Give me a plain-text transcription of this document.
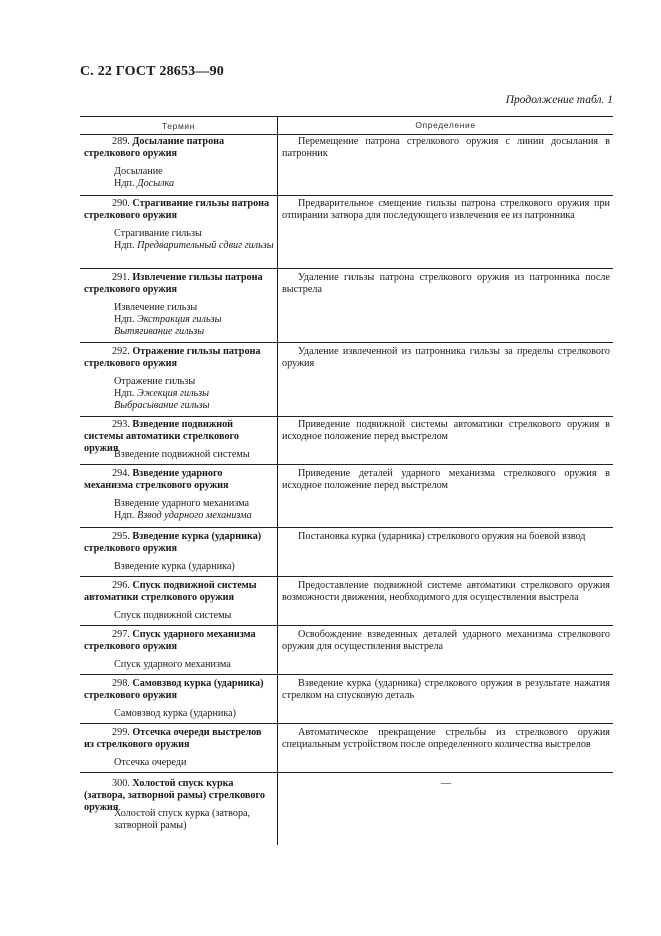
С. 22 ГОСТ 28653—90
Продолжение табл. 1
Термин	Определение
289. Досылание патрона стрелкового оружия
Досылание
Ндп. Досылка
Перемещение патрона стрелкового оружия с линии досылания в патронник
290. Страгивание гильзы патрона стрелкового оружия
Страгивание гильзы
Ндп. Предварительный сдвиг гильзы
Предварительное смещение гильзы патрона стрелкового оружия при отпирании затвора для последующего извлечения ее из патронника
291. Извлечение гильзы патрона стрелкового оружия
Извлечение гильзы
Ндп. Экстракция гильзы
Вытягивание гильзы
Удаление гильзы патрона стрелкового оружия из патронника после выстрела
292. Отражение гильзы патрона стрелкового оружия
Отражение гильзы
Ндп. Эжекция гильзы
Выбрасывание гильзы
Удаление извлеченной из патронника гильзы за пределы стрелкового оружия
293. Взведение подвижной системы автоматики стрелкового оружия
Взведение подвижной системы
Приведение подвижной системы автоматики стрелкового оружия в исходное положение перед выстрелом
294. Взведение ударного механизма стрелкового оружия
Взведение ударного механизма
Ндп. Взвод ударного механизма
Приведение деталей ударного механизма стрелкового оружия в исходное положение перед выстрелом
295. Взведение курка (ударника) стрелкового оружия
Взведение курка (ударника)
Постановка курка (ударника) стрелкового оружия на боевой взвод
296. Спуск подвижной системы автоматики стрелкового оружия
Спуск подвижной системы
Предоставление подвижной системе автоматики стрелкового оружия возможности движения, необходимого для осуществления выстрела
297. Спуск ударного механизма стрелкового оружия
Спуск ударного механизма
Освобождение взведенных деталей ударного механизма стрелкового оружия для осуществления выстрела
298. Самовзвод курка (ударника) стрелкового оружия
Самовзвод курка (ударника)
Взведение курка (ударника) стрелкового оружия в результате нажатия стрелком на спусковую деталь
299. Отсечка очереди выстрелов из стрелкового оружия
Отсечка очереди
Автоматическое прекращение стрельбы из стрелкового оружия специальным устройством после определенного количества выстрелов
300. Холостой спуск курка (затвора, затворной рамы) стрелкового оружия
Холостой спуск курка (затвора, затворной рамы)
—
